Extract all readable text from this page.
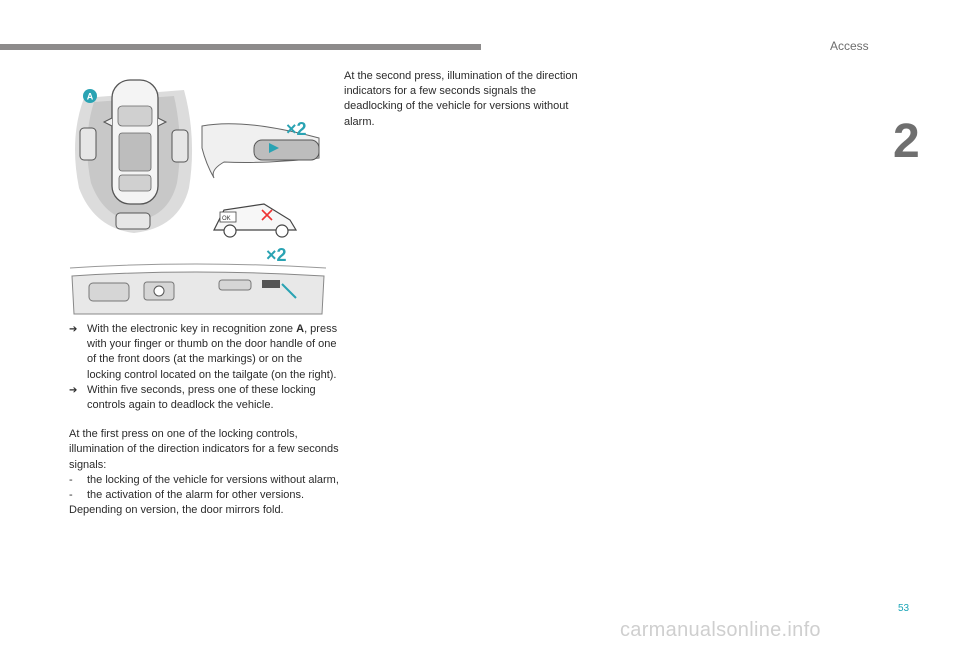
Access
2
A
×2
OK
×2
➔ With the electronic key in recognition zone A, press with your finger or thumb on the door handle of one of the front doors (at the markings) or on the locking control located on the tailgate (on the right).
➔ Within five seconds, press one of these locking controls again to deadlock the vehicle.

At the first press on one of the locking controls, illumination of the direction indicators for a few seconds signals:

- the locking of the vehicle for versions without alarm,
- the activation of the alarm for other versions.

Depending on version, the door mirrors fold.

At the second press, illumination of the direction indicators for a few seconds signals the deadlocking of the vehicle for versions without alarm.

53
carmanualsonline.info
